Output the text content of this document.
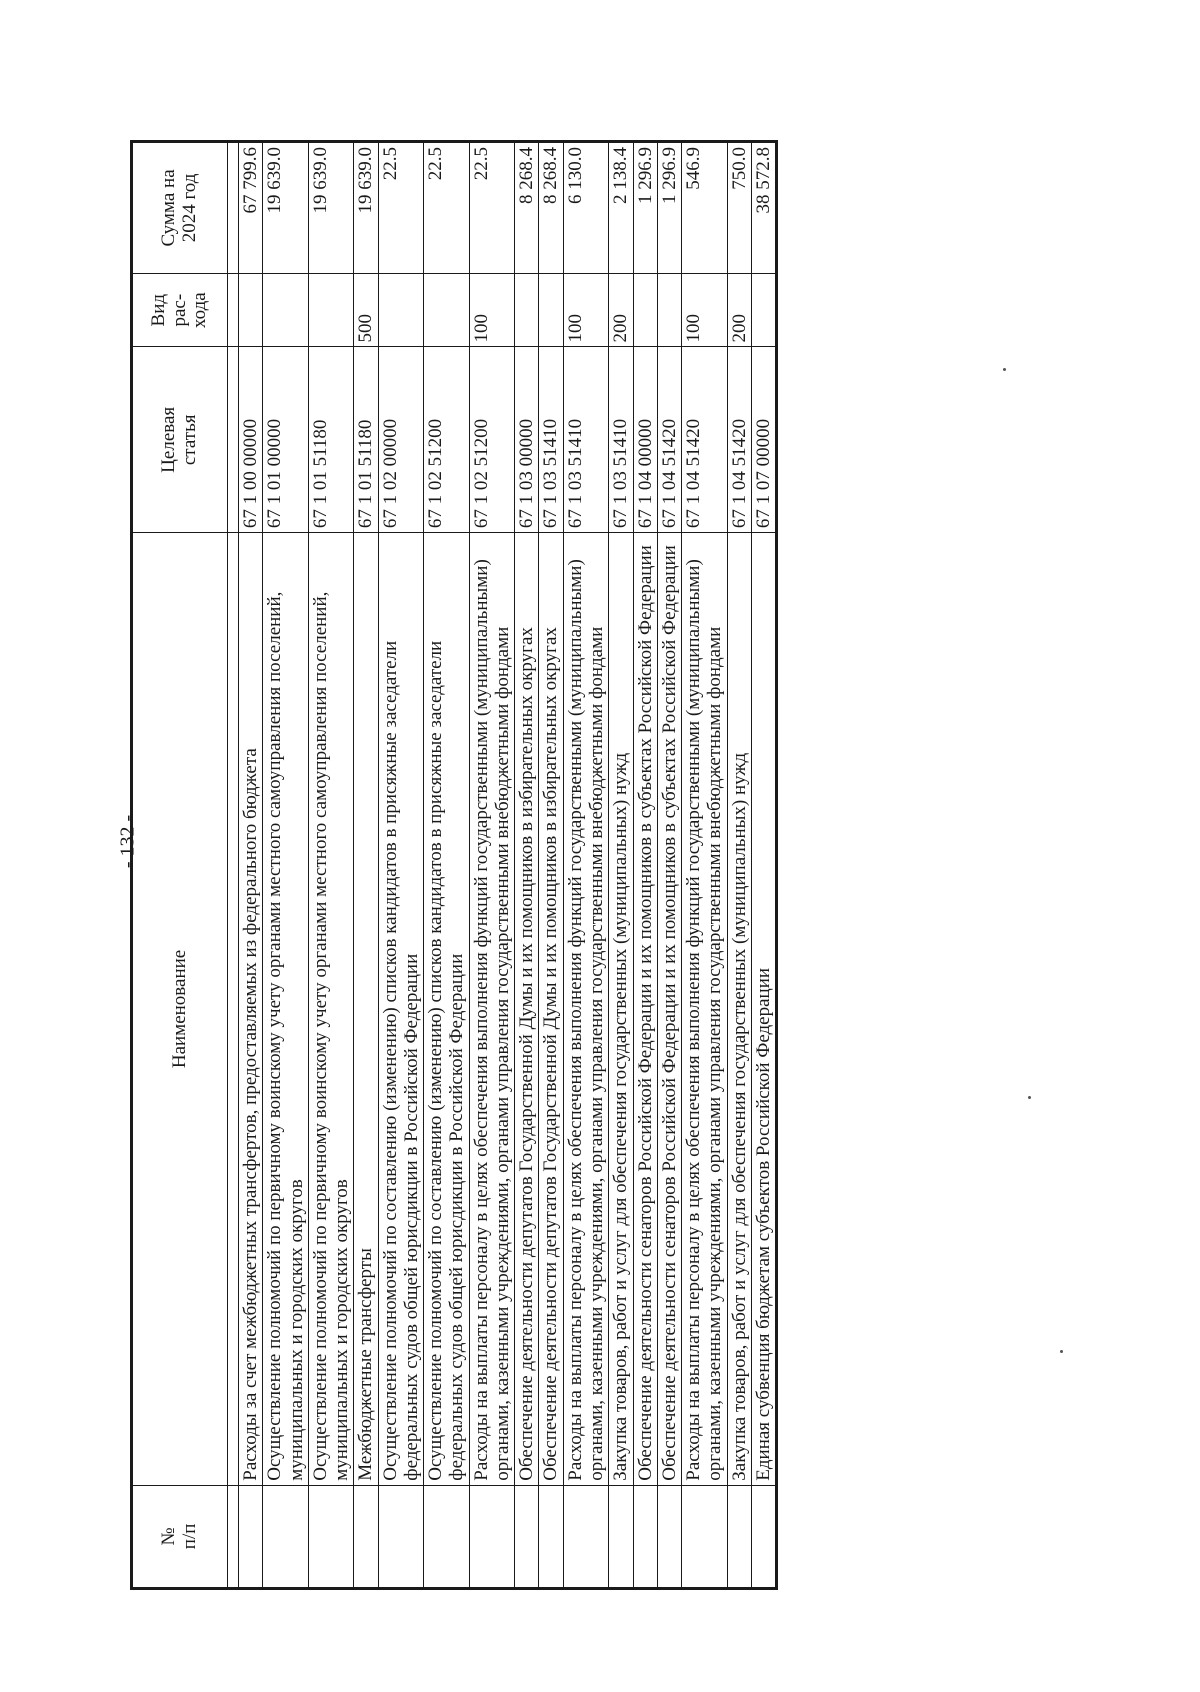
- 132 -
№ п/п	Наименование	Целевая статья	Вид рас- хода	Сумма на 2024 год

	Расходы за счет межбюджетных трансфертов, предоставляемых из федерального бюджета	67 1 00 00000		67 799.6
	Осуществление полномочий по первичному воинскому учету органами местного самоуправления поселений, муниципальных и городских округов	67 1 01 00000		19 639.0
	Осуществление полномочий по первичному воинскому учету органами местного самоуправления поселений, муниципальных и городских округов	67 1 01 51180		19 639.0
	Межбюджетные трансферты	67 1 01 51180	500	19 639.0
	Осуществление полномочий по составлению (изменению) списков кандидатов в присяжные заседатели федеральных судов общей юрисдикции в Российской Федерации	67 1 02 00000		22.5
	Осуществление полномочий по составлению (изменению) списков кандидатов в присяжные заседатели федеральных судов общей юрисдикции в Российской Федерации	67 1 02 51200		22.5
	Расходы на выплаты персоналу в целях обеспечения выполнения функций государственными (муниципальными) органами, казенными учреждениями, органами управления государственными внебюджетными фондами	67 1 02 51200	100	22.5
	Обеспечение деятельности депутатов Государственной Думы и их помощников в избирательных округах	67 1 03 00000		8 268.4
	Обеспечение деятельности депутатов Государственной Думы и их помощников в избирательных округах	67 1 03 51410		8 268.4
	Расходы на выплаты персоналу в целях обеспечения выполнения функций государственными (муниципальными) органами, казенными учреждениями, органами управления государственными внебюджетными фондами	67 1 03 51410	100	6 130.0
	Закупка товаров, работ и услуг для обеспечения государственных (муниципальных) нужд	67 1 03 51410	200	2 138.4
	Обеспечение деятельности сенаторов Российской Федерации и их помощников в субъектах Российской Федерации	67 1 04 00000		1 296.9
	Обеспечение деятельности сенаторов Российской Федерации и их помощников в субъектах Российской Федерации	67 1 04 51420		1 296.9
	Расходы на выплаты персоналу в целях обеспечения выполнения функций государственными (муниципальными) органами, казенными учреждениями, органами управления государственными внебюджетными фондами	67 1 04 51420	100	546.9
	Закупка товаров, работ и услуг для обеспечения государственных (муниципальных) нужд	67 1 04 51420	200	750.0
	Единая субвенция бюджетам субъектов Российской Федерации	67 1 07 00000		38 572.8
